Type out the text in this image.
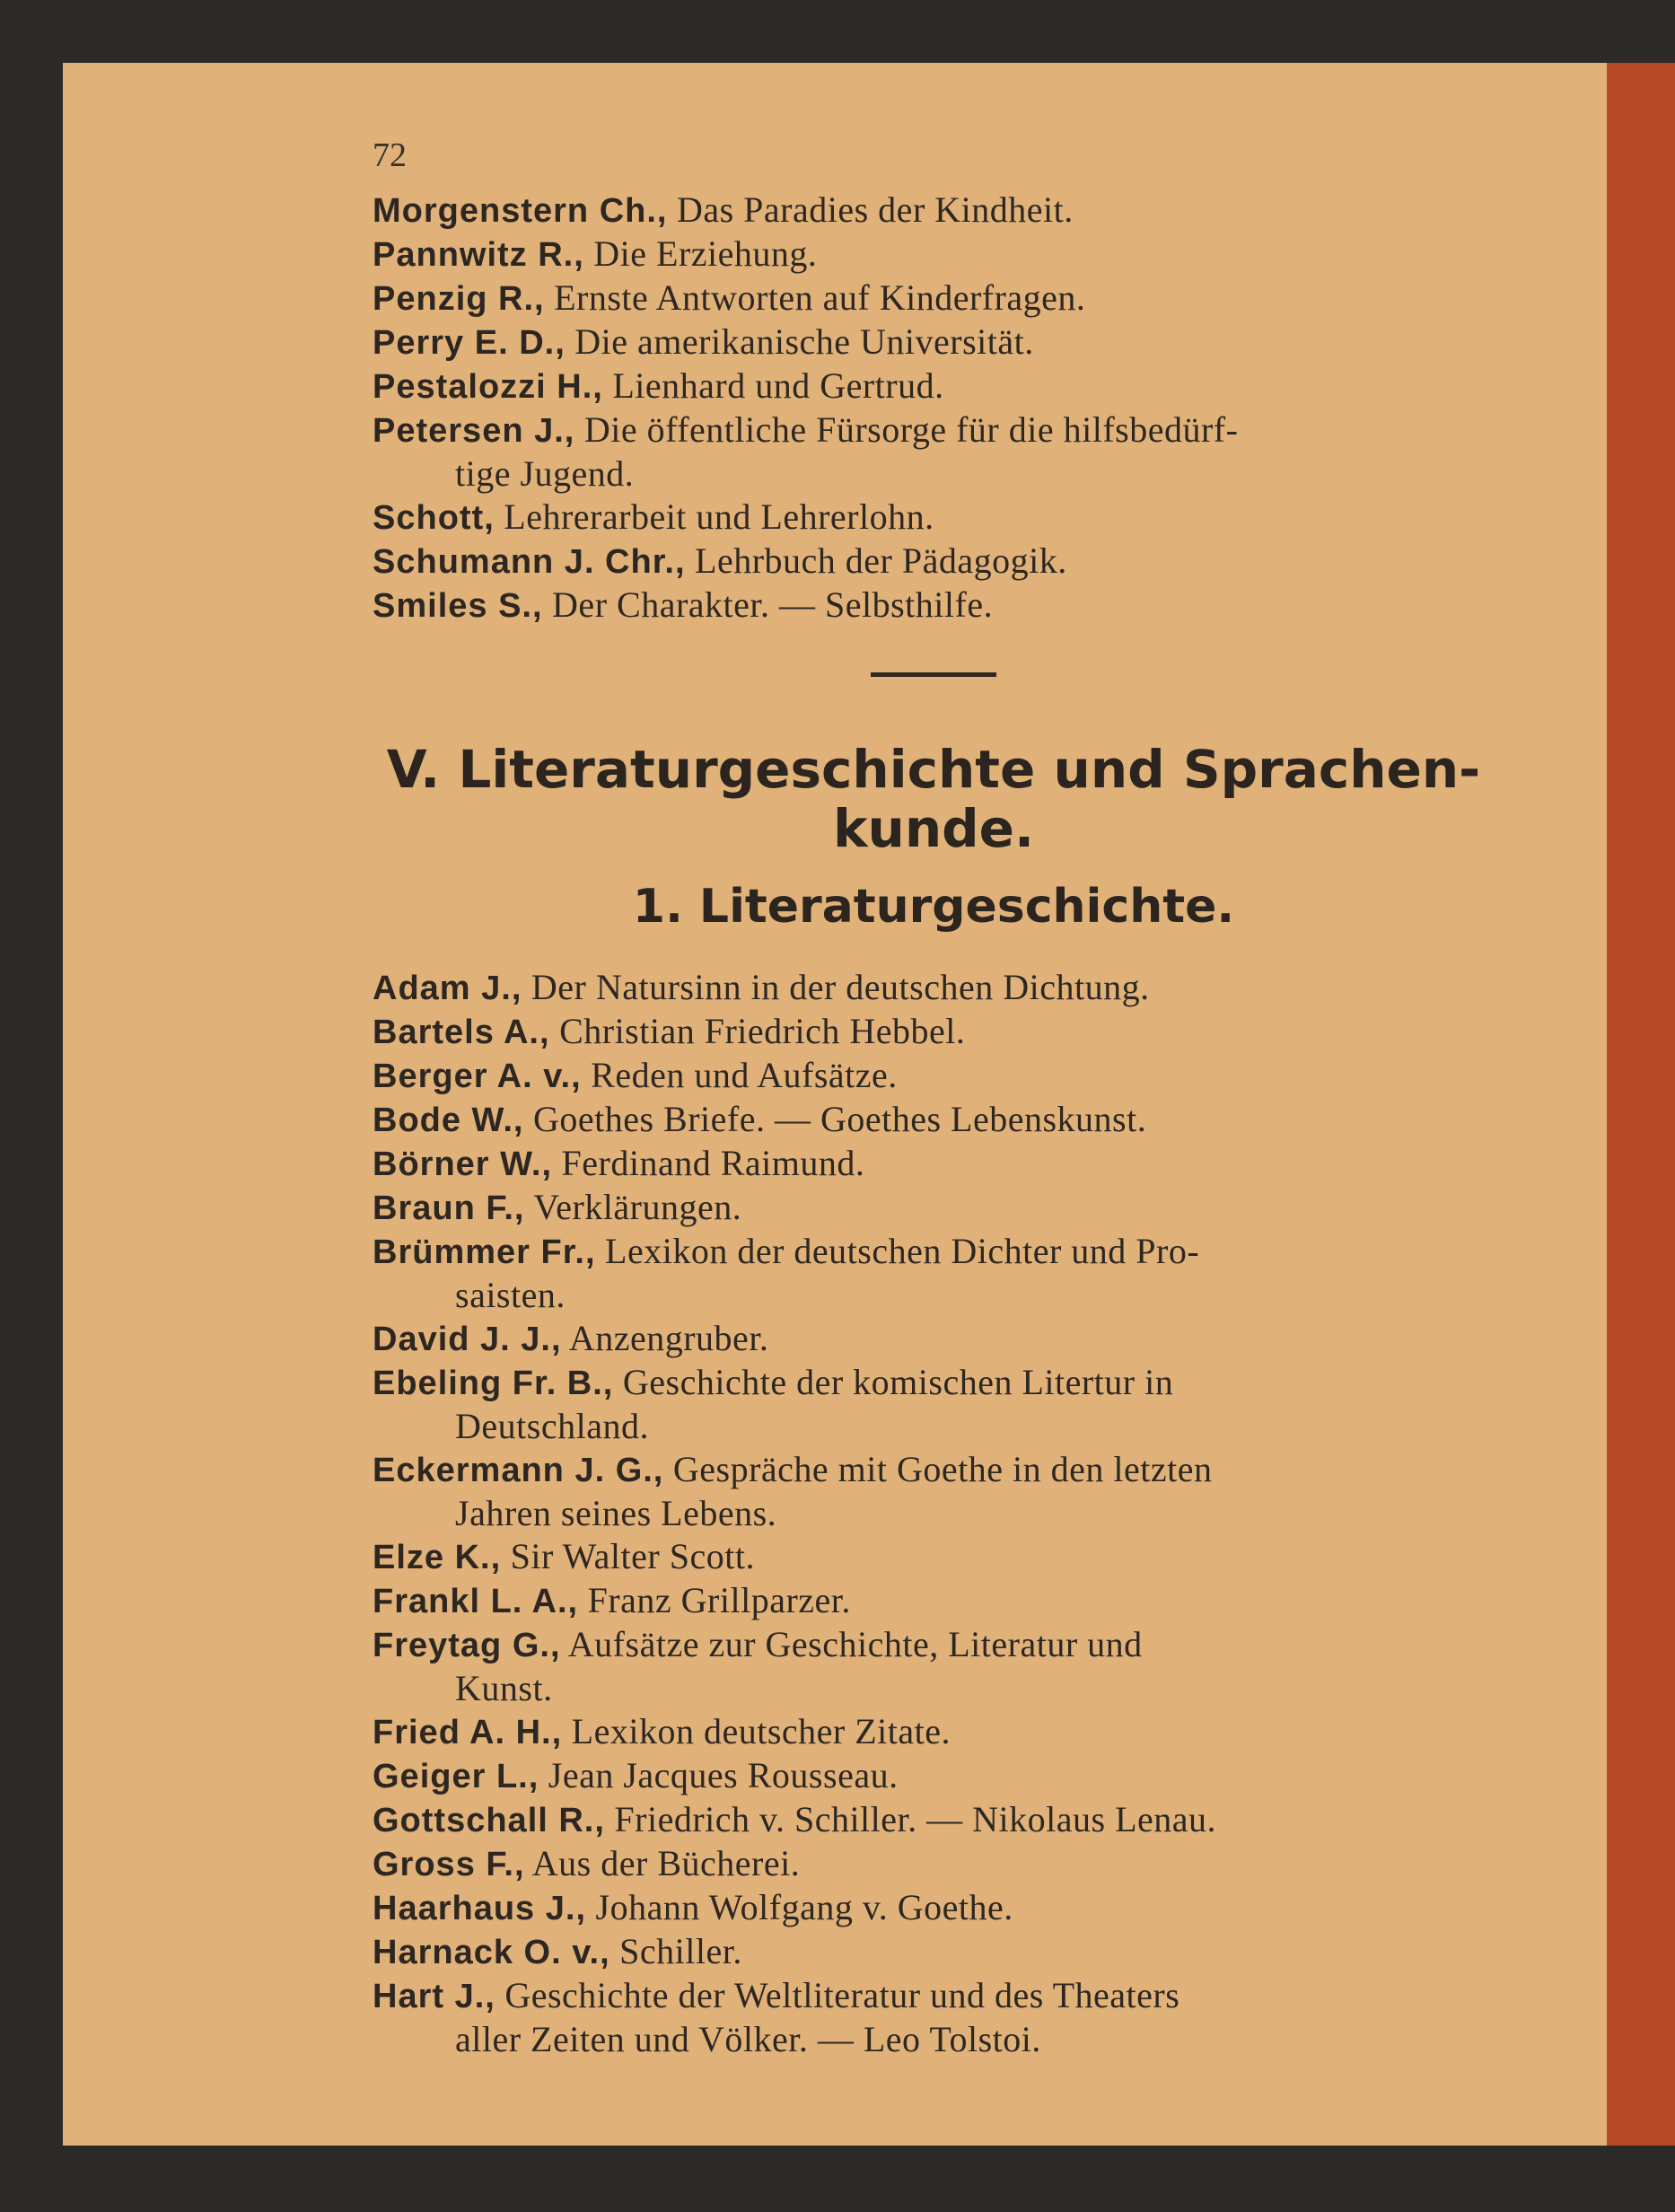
72
Morgenstern Ch., Das Paradies der Kindheit.
Pannwitz R., Die Erziehung.
Penzig R., Ernste Antworten auf Kinderfragen.
Perry E. D., Die amerikanische Universität.
Pestalozzi H., Lienhard und Gertrud.
Petersen J., Die öffentliche Fürsorge für die hilfsbedürf-
tige Jugend.
Schott, Lehrerarbeit und Lehrerlohn.
Schumann J. Chr., Lehrbuch der Pädagogik.
Smiles S., Der Charakter. — Selbsthilfe.
V. Literaturgeschichte und Sprachen-
kunde.
1. Literaturgeschichte.
Adam J., Der Natursinn in der deutschen Dichtung.
Bartels A., Christian Friedrich Hebbel.
Berger A. v., Reden und Aufsätze.
Bode W., Goethes Briefe. — Goethes Lebenskunst.
Börner W., Ferdinand Raimund.
Braun F., Verklärungen.
Brümmer Fr., Lexikon der deutschen Dichter und Pro-
saisten.
David J. J., Anzengruber.
Ebeling Fr. B., Geschichte der komischen Litertur in
Deutschland.
Eckermann J. G., Gespräche mit Goethe in den letzten
Jahren seines Lebens.
Elze K., Sir Walter Scott.
Frankl L. A., Franz Grillparzer.
Freytag G., Aufsätze zur Geschichte, Literatur und
Kunst.
Fried A. H., Lexikon deutscher Zitate.
Geiger L., Jean Jacques Rousseau.
Gottschall R., Friedrich v. Schiller. — Nikolaus Lenau.
Gross F., Aus der Bücherei.
Haarhaus J., Johann Wolfgang v. Goethe.
Harnack O. v., Schiller.
Hart J., Geschichte der Weltliteratur und des Theaters
aller Zeiten und Völker. — Leo Tolstoi.
